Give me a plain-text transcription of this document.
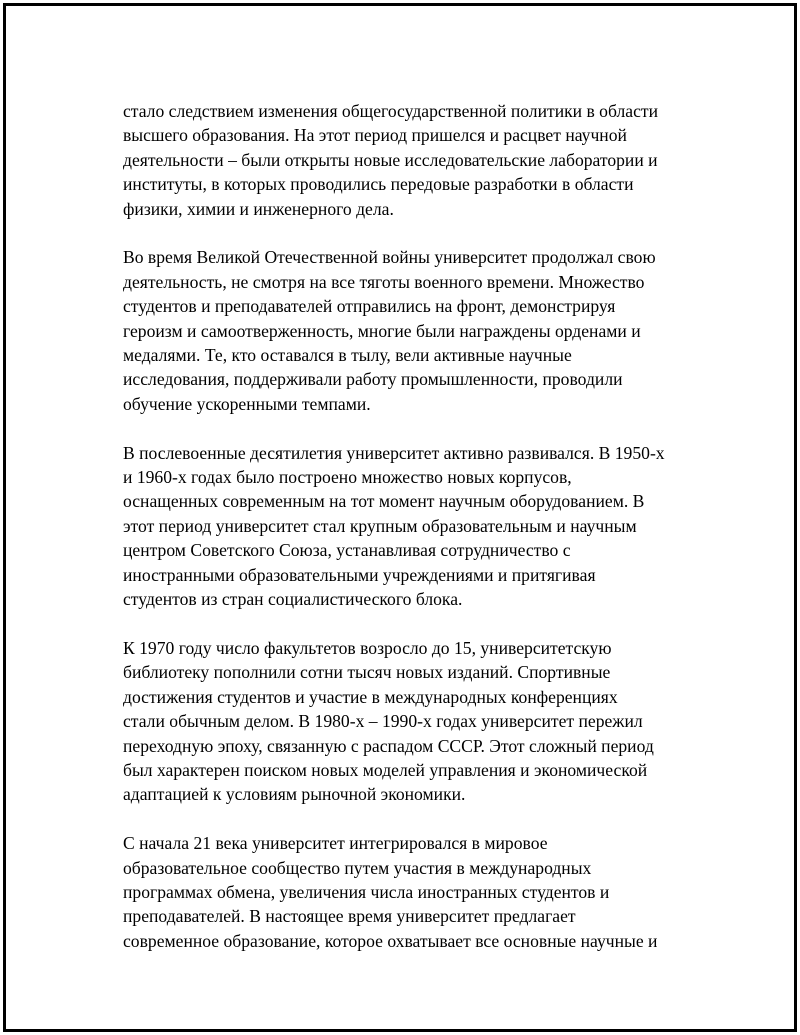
стало следствием изменения общегосударственной политики в области
высшего образования. На этот период пришелся и расцвет научной
деятельности – были открыты новые исследовательские лаборатории и
институты, в которых проводились передовые разработки в области
физики, химии и инженерного дела.

Во время Великой Отечественной войны университет продолжал свою
деятельность, не смотря на все тяготы военного времени. Множество
студентов и преподавателей отправились на фронт, демонстрируя
героизм и самоотверженность, многие были награждены орденами и
медалями. Те, кто оставался в тылу, вели активные научные
исследования, поддерживали работу промышленности, проводили
обучение ускоренными темпами.

В послевоенные десятилетия университет активно развивался. В 1950-х
и 1960-х годах было построено множество новых корпусов,
оснащенных современным на тот момент научным оборудованием. В
этот период университет стал крупным образовательным и научным
центром Советского Союза, устанавливая сотрудничество с
иностранными образовательными учреждениями и притягивая
студентов из стран социалистического блока.

К 1970 году число факультетов возросло до 15, университетскую
библиотеку пополнили сотни тысяч новых изданий. Спортивные
достижения студентов и участие в международных конференциях
стали обычным делом. В 1980-х – 1990-х годах университет пережил
переходную эпоху, связанную с распадом СССР. Этот сложный период
был характерен поиском новых моделей управления и экономической
адаптацией к условиям рыночной экономики.

С начала 21 века университет интегрировался в мировое
образовательное сообщество путем участия в международных
программах обмена, увеличения числа иностранных студентов и
преподавателей. В настоящее время университет предлагает
современное образование, которое охватывает все основные научные и
